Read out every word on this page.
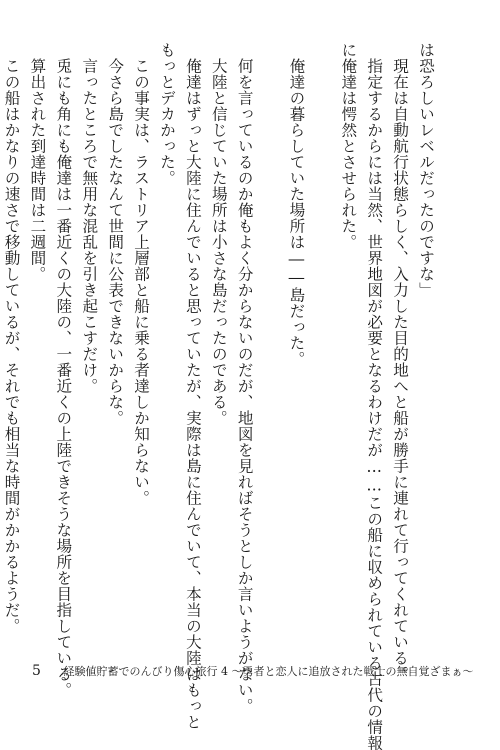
は恐ろしいレベルだったのですな」
現在は自動航行状態らしく、入力した目的地へと船が勝手に連れて行ってくれている。
指定するからには当然、世界地図が必要となるわけだが……この船に収められている古代の情報
に俺達は愕然とさせられた。
俺達の暮らしていた場所は――島だった。
何を言っているのか俺もよく分からないのだが、地図を見ればそうとしか言いようがない。
大陸と信じていた場所は小さな島だったのである。
俺達はずっと大陸に住んでいると思っていたが、実際は島に住んでいて、本当の大陸はもっと
もっとデカかった。
この事実は、ラストリア上層部と船に乗る者達しか知らない。
今さら島でしたなんて世間に公表できないからな。
言ったところで無用な混乱を引き起こすだけ。
兎にも角にも俺達は一番近くの大陸の、一番近くの上陸できそうな場所を目指している。
算出された到達時間は二週間。
この船はかなりの速さで移動しているが、それでも相当な時間がかかるようだ。
5 経験値貯蓄でのんびり傷心旅行 4 ～勇者と恋人に追放された戦士の無自覚ざまぁ～
